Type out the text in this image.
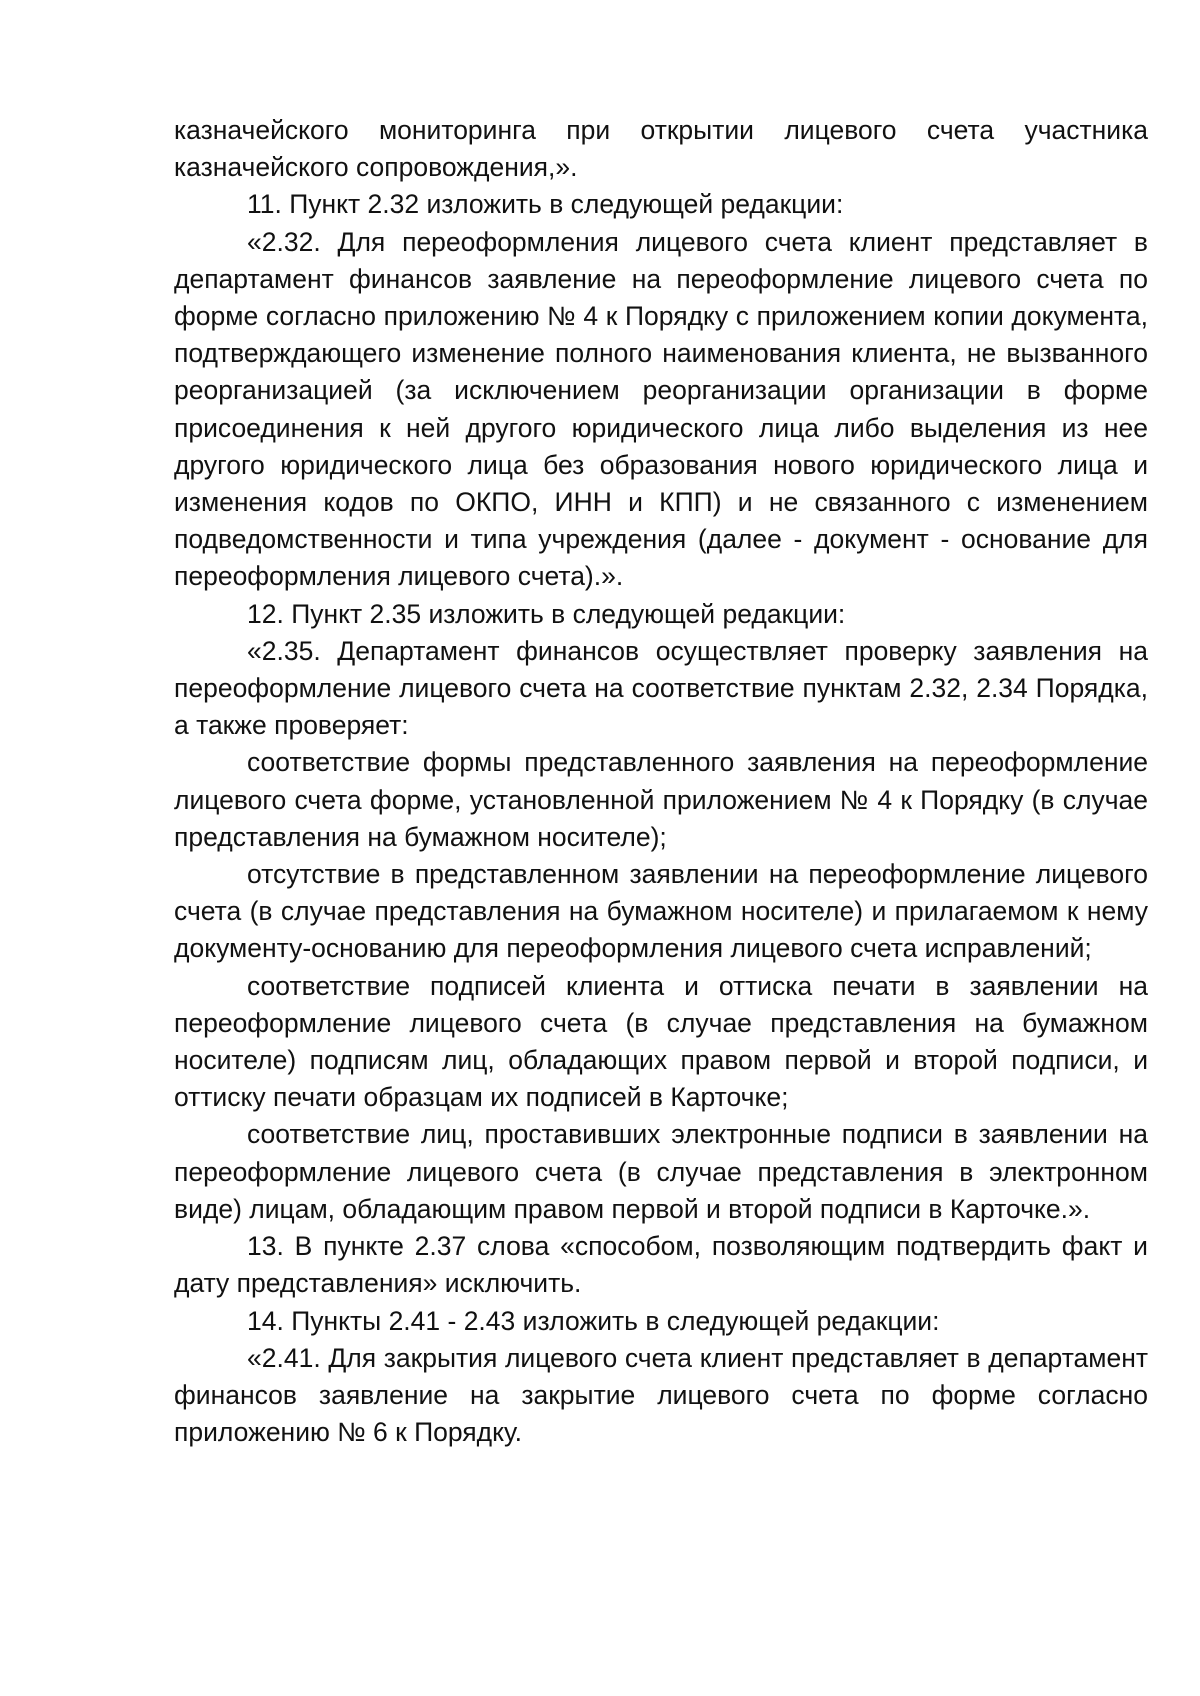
казначейского мониторинга при открытии лицевого счета участника казначейского сопровождения,».

11. Пункт 2.32 изложить в следующей редакции:

«2.32. Для переоформления лицевого счета клиент представляет в департамент финансов заявление на переоформление лицевого счета по форме согласно приложению № 4 к Порядку с приложением копии документа, подтверждающего изменение полного наименования клиента, не вызванного реорганизацией (за исключением реорганизации организации в форме присоединения к ней другого юридического лица либо выделения из нее другого юридического лица без образования нового юридического лица и изменения кодов по ОКПО, ИНН и КПП) и не связанного с изменением подведомственности и типа учреждения (далее - документ - основание для переоформления лицевого счета).».

12. Пункт 2.35 изложить в следующей редакции:

«2.35. Департамент финансов осуществляет проверку заявления на переоформление лицевого счета на соответствие пунктам 2.32, 2.34 Порядка, а также проверяет:

соответствие формы представленного заявления на переоформление лицевого счета форме, установленной приложением № 4 к Порядку (в случае представления на бумажном носителе);

отсутствие в представленном заявлении на переоформление лицевого счета (в случае представления на бумажном носителе) и прилагаемом к нему документу-основанию для переоформления лицевого счета исправлений;

соответствие подписей клиента и оттиска печати в заявлении на переоформление лицевого счета (в случае представления на бумажном носителе) подписям лиц, обладающих правом первой и второй подписи, и оттиску печати образцам их подписей в Карточке;

соответствие лиц, проставивших электронные подписи в заявлении на переоформление лицевого счета (в случае представления в электронном виде) лицам, обладающим правом первой и второй подписи в Карточке.».

13. В пункте 2.37 слова «способом, позволяющим подтвердить факт и дату представления» исключить.

14. Пункты 2.41 - 2.43 изложить в следующей редакции:

«2.41. Для закрытия лицевого счета клиент представляет в департамент финансов заявление на закрытие лицевого счета по форме согласно приложению № 6 к Порядку.
